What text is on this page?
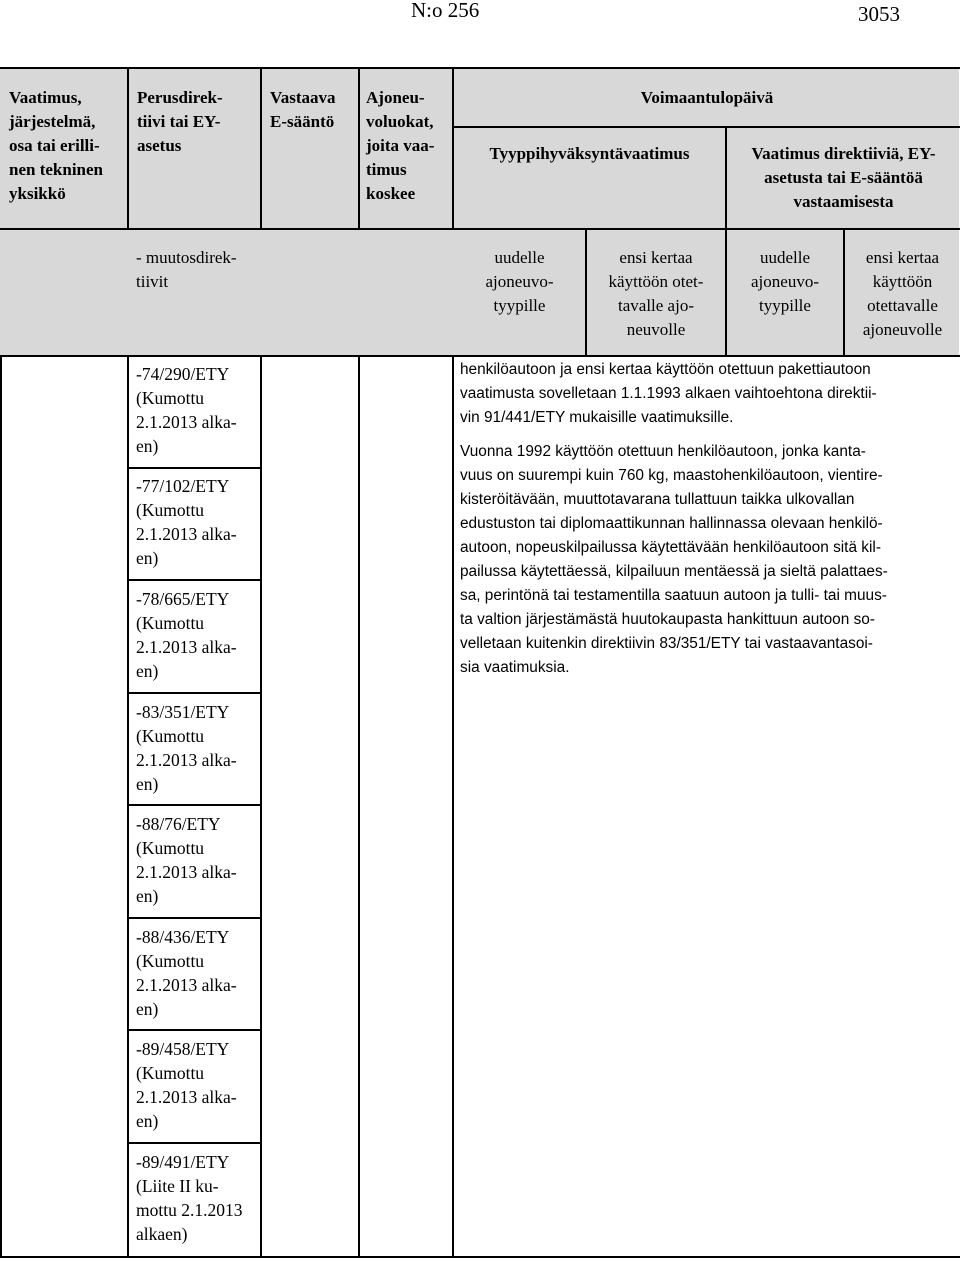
N:o 256	3053
Vaatimus,
järjestelmä,
osa tai erilli-
nen tekninen
yksikkö
Perusdirek-
tiivi tai EY-
asetus
Vastaava
E-sääntö
Ajoneu-
voluokat,
joita vaa-
timus
koskee
Voimaantulopäivä
Tyyppihyväksyntävaatimus	Vaatimus direktiiviä, EY-
asetusta tai E-sääntöä
vastaamisesta
- muutosdirek-
tiivit
uudelle
ajoneuvo-
tyypille
ensi kertaa
käyttöön otet-
tavalle ajo-
neuvolle
uudelle
ajoneuvo-
tyypille
ensi kertaa
käyttöön
otettavalle
ajoneuvolle
-74/290/ETY
(Kumottu
2.1.2013 alka-
en)
-77/102/ETY
(Kumottu
2.1.2013 alka-
en)
-78/665/ETY
(Kumottu
2.1.2013 alka-
en)
-83/351/ETY
(Kumottu
2.1.2013 alka-
en)
-88/76/ETY
(Kumottu
2.1.2013 alka-
en)
-88/436/ETY
(Kumottu
2.1.2013 alka-
en)
-89/458/ETY
(Kumottu
2.1.2013 alka-
en)
-89/491/ETY
(Liite II ku-
mottu 2.1.2013
alkaen)
henkilöautoon ja ensi kertaa käyttöön otettuun pakettiautoon
vaatimusta sovelletaan 1.1.1993 alkaen vaihtoehtona direktii-
vin 91/441/ETY mukaisille vaatimuksille.
Vuonna 1992 käyttöön otettuun henkilöautoon, jonka kanta-
vuus on suurempi kuin 760 kg, maastohenkilöautoon, vientire-
kisteröitävään, muuttotavarana tullattuun taikka ulkovallan
edustuston tai diplomaattikunnan hallinnassa olevaan henkilö-
autoon, nopeuskilpailussa käytettävään henkilöautoon sitä kil-
pailussa käytettäessä, kilpailuun mentäessä ja sieltä palattaes-
sa, perintönä tai testamentilla saatuun autoon ja tulli- tai muus-
ta valtion järjestämästä huutokaupasta hankittuun autoon so-
velletaan kuitenkin direktiivin 83/351/ETY tai vastaavantasoi-
sia vaatimuksia.
